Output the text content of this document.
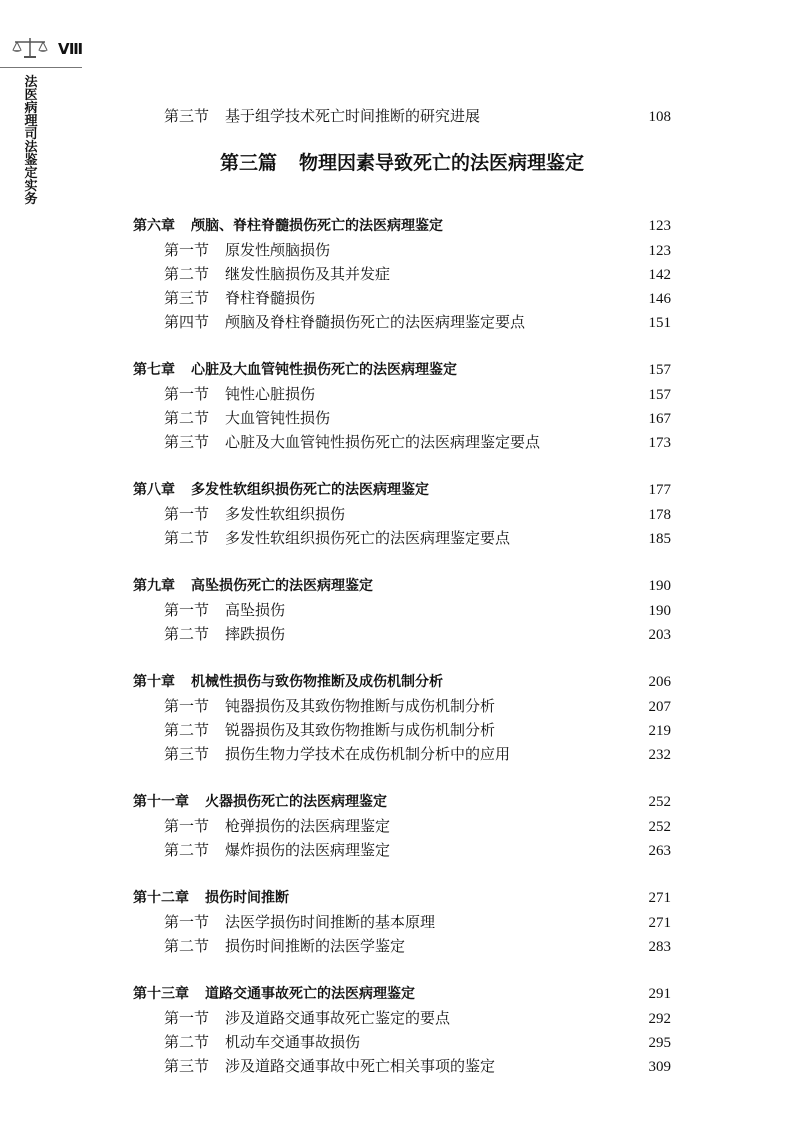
Ⅷ
法医病理司法鉴定实务
第三节 基于组学技术死亡时间推断的研究进展	108
第三篇 物理因素导致死亡的法医病理鉴定
第六章 颅脑、脊柱脊髓损伤死亡的法医病理鉴定	123
第一节 原发性颅脑损伤	123
第二节 继发性脑损伤及其并发症	142
第三节 脊柱脊髓损伤	146
第四节 颅脑及脊柱脊髓损伤死亡的法医病理鉴定要点	151
第七章 心脏及大血管钝性损伤死亡的法医病理鉴定	157
第一节 钝性心脏损伤	157
第二节 大血管钝性损伤	167
第三节 心脏及大血管钝性损伤死亡的法医病理鉴定要点	173
第八章 多发性软组织损伤死亡的法医病理鉴定	177
第一节 多发性软组织损伤	178
第二节 多发性软组织损伤死亡的法医病理鉴定要点	185
第九章 高坠损伤死亡的法医病理鉴定	190
第一节 高坠损伤	190
第二节 摔跌损伤	203
第十章 机械性损伤与致伤物推断及成伤机制分析	206
第一节 钝器损伤及其致伤物推断与成伤机制分析	207
第二节 锐器损伤及其致伤物推断与成伤机制分析	219
第三节 损伤生物力学技术在成伤机制分析中的应用	232
第十一章 火器损伤死亡的法医病理鉴定	252
第一节 枪弹损伤的法医病理鉴定	252
第二节 爆炸损伤的法医病理鉴定	263
第十二章 损伤时间推断	271
第一节 法医学损伤时间推断的基本原理	271
第二节 损伤时间推断的法医学鉴定	283
第十三章 道路交通事故死亡的法医病理鉴定	291
第一节 涉及道路交通事故死亡鉴定的要点	292
第二节 机动车交通事故损伤	295
第三节 涉及道路交通事故中死亡相关事项的鉴定	309
